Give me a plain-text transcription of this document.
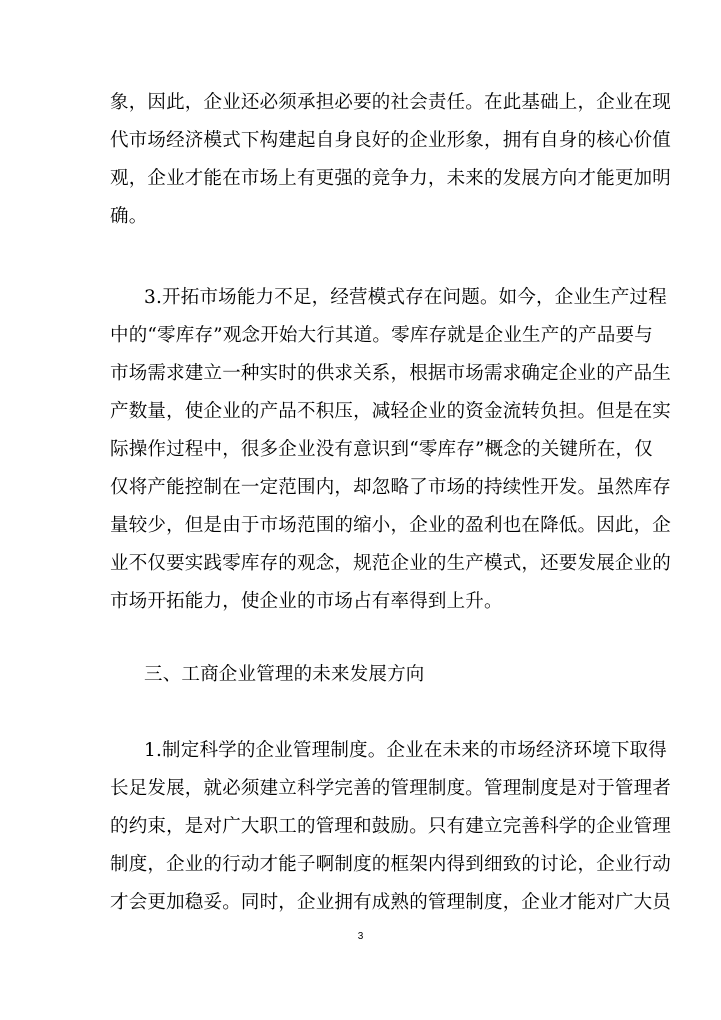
象，因此，企业还必须承担必要的社会责任。在此基础上，企业在现
代市场经济模式下构建起自身良好的企业形象，拥有自身的核心价值
观，企业才能在市场上有更强的竞争力，未来的发展方向才能更加明
确。
3.开拓市场能力不足，经营模式存在问题。如今，企业生产过程
中的“零库存”观念开始大行其道。零库存就是企业生产的产品要与
市场需求建立一种实时的供求关系，根据市场需求确定企业的产品生
产数量，使企业的产品不积压，减轻企业的资金流转负担。但是在实
际操作过程中，很多企业没有意识到“零库存”概念的关键所在，仅
仅将产能控制在一定范围内，却忽略了市场的持续性开发。虽然库存
量较少，但是由于市场范围的缩小，企业的盈利也在降低。因此，企
业不仅要实践零库存的观念，规范企业的生产模式，还要发展企业的
市场开拓能力，使企业的市场占有率得到上升。
三、工商企业管理的未来发展方向
1.制定科学的企业管理制度。企业在未来的市场经济环境下取得
长足发展，就必须建立科学完善的管理制度。管理制度是对于管理者
的约束，是对广大职工的管理和鼓励。只有建立完善科学的企业管理
制度，企业的行动才能子啊制度的框架内得到细致的讨论，企业行动
才会更加稳妥。同时，企业拥有成熟的管理制度，企业才能对广大员
3
